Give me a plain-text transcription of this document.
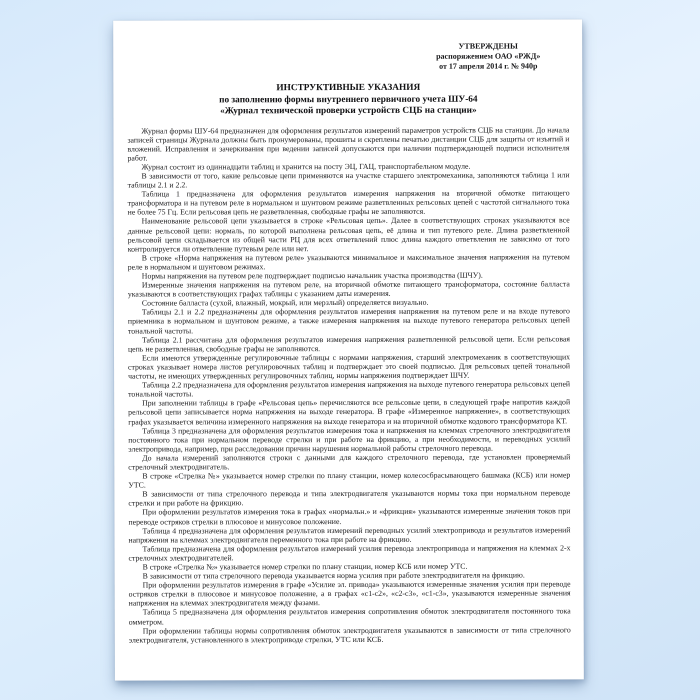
УТВЕРЖДЕНЫ
распоряжением ОАО «РЖД»
от 17 апреля 2014 г. № 940р
ИНСТРУКТИВНЫЕ УКАЗАНИЯ
по заполнению формы внутреннего первичного учета ШУ-64
«Журнал технической проверки устройств СЦБ на станции»

Журнал формы ШУ-64 предназначен для оформления результатов измерений параметров устройств СЦБ на станции. До начала записей страницы Журнала должны быть пронумерованы, прошиты и скреплены печатью дистанции СЦБ для защиты от изъятий и вложений. Исправления и зачеркивания при ведении записей допускаются при наличии подтверждающей подписи исполнителя работ.

Журнал состоит из одиннадцати таблиц и хранится на посту ЭЦ, ГАЦ, транспортабельном модуле.

В зависимости от того, какие рельсовые цепи применяются на участке старшего электромеханика, заполняются таблица 1 или таблицы 2.1 и 2.2.

Таблица 1 предназначена для оформления результатов измерения напряжения на вторичной обмотке питающего трансформатора и на путевом реле в нормальном и шунтовом режиме разветвленных рельсовых цепей с частотой сигнального тока не более 75 Гц. Если рельсовая цепь не разветвленная, свободные графы не заполняются.

Наименование рельсовой цепи указывается в строке «Рельсовая цепь». Далее в соответствующих строках указываются все данные рельсовой цепи: нормаль, по которой выполнена рельсовая цепь, её длина и тип путевого реле. Длина разветвленной рельсовой цепи складывается из общей части РЦ для всех ответвлений плюс длина каждого ответвления не зависимо от того контролируется ли ответвление путевым реле или нет.

В строке «Норма напряжения на путевом реле» указываются минимальное и максимальное значения напряжения на путевом реле в нормальном и шунтовом режимах.

Нормы напряжения на путевом реле подтверждает подписью начальник участка производства (ШЧУ).

Измеренные значения напряжения на путевом реле, на вторичной обмотке питающего трансформатора, состояние балласта указываются в соответствующих графах таблицы с указанием даты измерения.

Состояние балласта (сухой, влажный, мокрый, или мерзлый) определяется визуально.

Таблицы 2.1 и 2.2 предназначены для оформления результатов измерения напряжения на путевом реле и на входе путевого приемника в нормальном и шунтовом режиме, а также измерения напряжения на выходе путевого генератора рельсовых цепей тональной частоты.

Таблица 2.1 рассчитана для оформления результатов измерения напряжения разветвленной рельсовой цепи. Если рельсовая цепь не разветвленная, свободные графы не заполняются.

Если имеются утвержденные регулировочные таблицы с нормами напряжения, старший электромеханик в соответствующих строках указывает номера листов регулировочных таблиц и подтверждает это своей подписью. Для рельсовых цепей тональной частоты, не имеющих утвержденных регулировочных таблиц, нормы напряжения подтверждает ШЧУ.

Таблица 2.2 предназначена для оформления результатов измерения напряжения на выходе путевого генератора рельсовых цепей тональной частоты.

При заполнении таблицы в графе «Рельсовая цепь» перечисляются все рельсовые цепи, в следующей графе напротив каждой рельсовой цепи записывается норма напряжения на выходе генератора. В графе «Измеренное напряжение», в соответствующих графах указывается величина измеренного напряжения на выходе генератора и на вторичной обмотке кодового трансформатора КТ.

Таблица 3 предназначена для оформления результатов измерения тока и напряжения на клеммах стрелочного электродвигателя постоянного тока при нормальном переводе стрелки и при работе на фрикцию, а при необходимости, и переводных усилий электропривода, например, при расследовании причин нарушения нормальной работы стрелочного перевода.

До начала измерений заполняются строки с данными для каждого стрелочного перевода, где установлен проверяемый стрелочный электродвигатель.

В строке «Стрелка №» указывается номер стрелки по плану станции, номер колесосбрасывающего башмака (КСБ) или номер УТС.

В зависимости от типа стрелочного перевода и типа электродвигателя указываются нормы тока при нормальном переводе стрелки и при работе на фрикцию.

При оформлении результатов измерения тока в графах «нормальн.» и «фрикция» указываются измеренные значения токов при переводе остряков стрелки в плюсовое и минусовое положение.

Таблица 4 предназначена для оформления результатов измерений переводных усилий электропривода и результатов измерений напряжения на клеммах электродвигателя переменного тока при работе на фрикцию.

Таблица предназначена для оформления результатов измерений усилия перевода электропривода и напряжения на клеммах 2-х стрелочных электродвигателей.

В строке «Стрелка №» указывается номер стрелки по плану станции, номер КСБ или номер УТС.

В зависимости от типа стрелочного перевода указывается норма усилия при работе электродвигателя на фрикцию.

При оформлении результатов измерения в графе «Усилие эл. привода» указываются измеренные значения усилия при переводе остряков стрелки в плюсовое и минусовое положение, а в графах «с1-с2», «с2-с3», «с1-с3», указываются измеренные значения напряжения на клеммах электродвигателя между фазами.

Таблица 5 предназначена для оформления результатов измерения сопротивления обмоток электродвигателя постоянного тока омметром.

При оформлении таблицы нормы сопротивления обмоток электродвигателя указываются в зависимости от типа стрелочного электродвигателя, установленного в электроприводе стрелки, УТС или КСБ.
